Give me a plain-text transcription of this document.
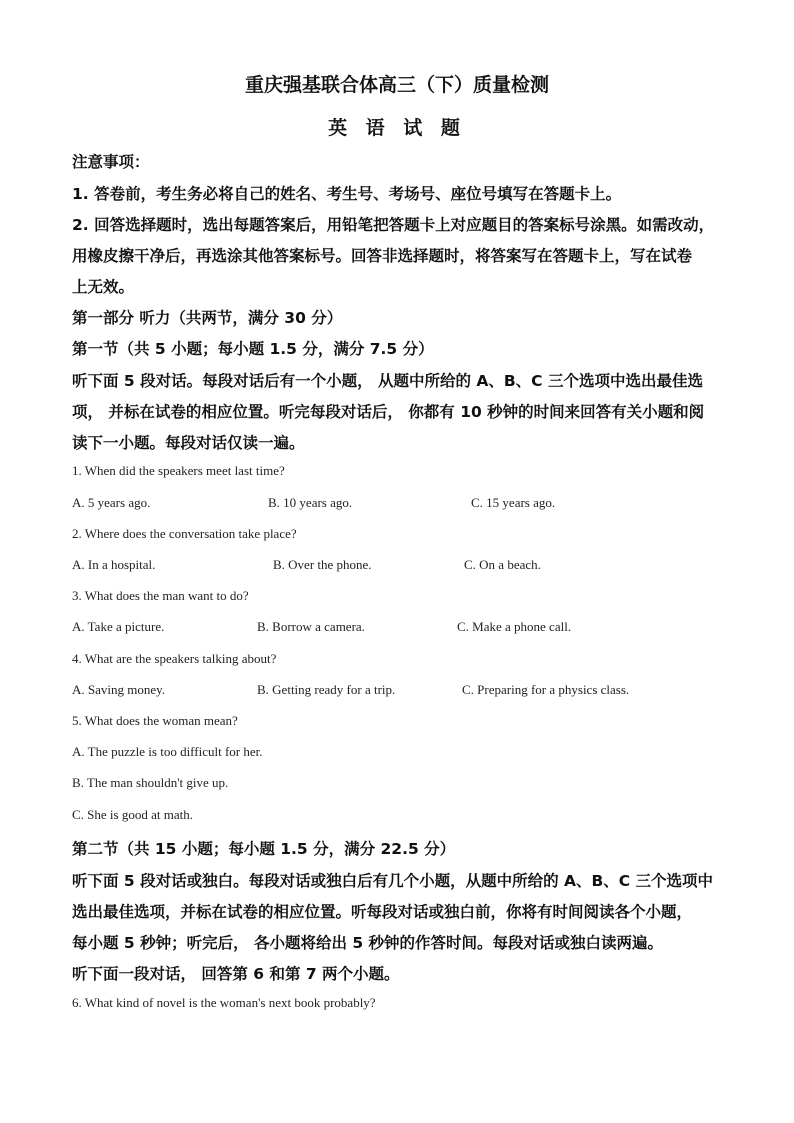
重庆强基联合体高三（下）质量检测
英 语 试 题
注意事项：
1. 答卷前，考生务必将自己的姓名、考生号、考场号、座位号填写在答题卡上。
2. 回答选择题时，选出每题答案后，用铅笔把答题卡上对应题目的答案标号涂黑。如需改动，
用橡皮擦干净后，再选涂其他答案标号。回答非选择题时，将答案写在答题卡上，写在试卷
上无效。
第一部分 听力（共两节，满分 30 分）
第一节（共 5 小题；每小题 1.5 分，满分 7.5 分）
听下面 5 段对话。每段对话后有一个小题， 从题中所给的 A、B、C 三个选项中选出最佳选
项， 并标在试卷的相应位置。听完每段对话后， 你都有 10 秒钟的时间来回答有关小题和阅
读下一小题。每段对话仅读一遍。
1. When did the speakers meet last time?
A. 5 years ago.	B. 10 years ago.	C. 15 years ago.
2. Where does the conversation take place?
A. In a hospital.	B. Over the phone.	C. On a beach.
3. What does the man want to do?
A. Take a picture.	B. Borrow a camera.	C. Make a phone call.
4. What are the speakers talking about?
A. Saving money.	B. Getting ready for a trip.	C. Preparing for a physics class.
5. What does the woman mean?
A. The puzzle is too difficult for her.
B. The man shouldn't give up.
C. She is good at math.
第二节（共 15 小题；每小题 1.5 分，满分 22.5 分）
听下面 5 段对话或独白。每段对话或独白后有几个小题，从题中所给的 A、B、C 三个选项中
选出最佳选项，并标在试卷的相应位置。听每段对话或独白前，你将有时间阅读各个小题，
每小题 5 秒钟；听完后， 各小题将给出 5 秒钟的作答时间。每段对话或独白读两遍。
听下面一段对话， 回答第 6 和第 7 两个小题。
6. What kind of novel is the woman's next book probably?
